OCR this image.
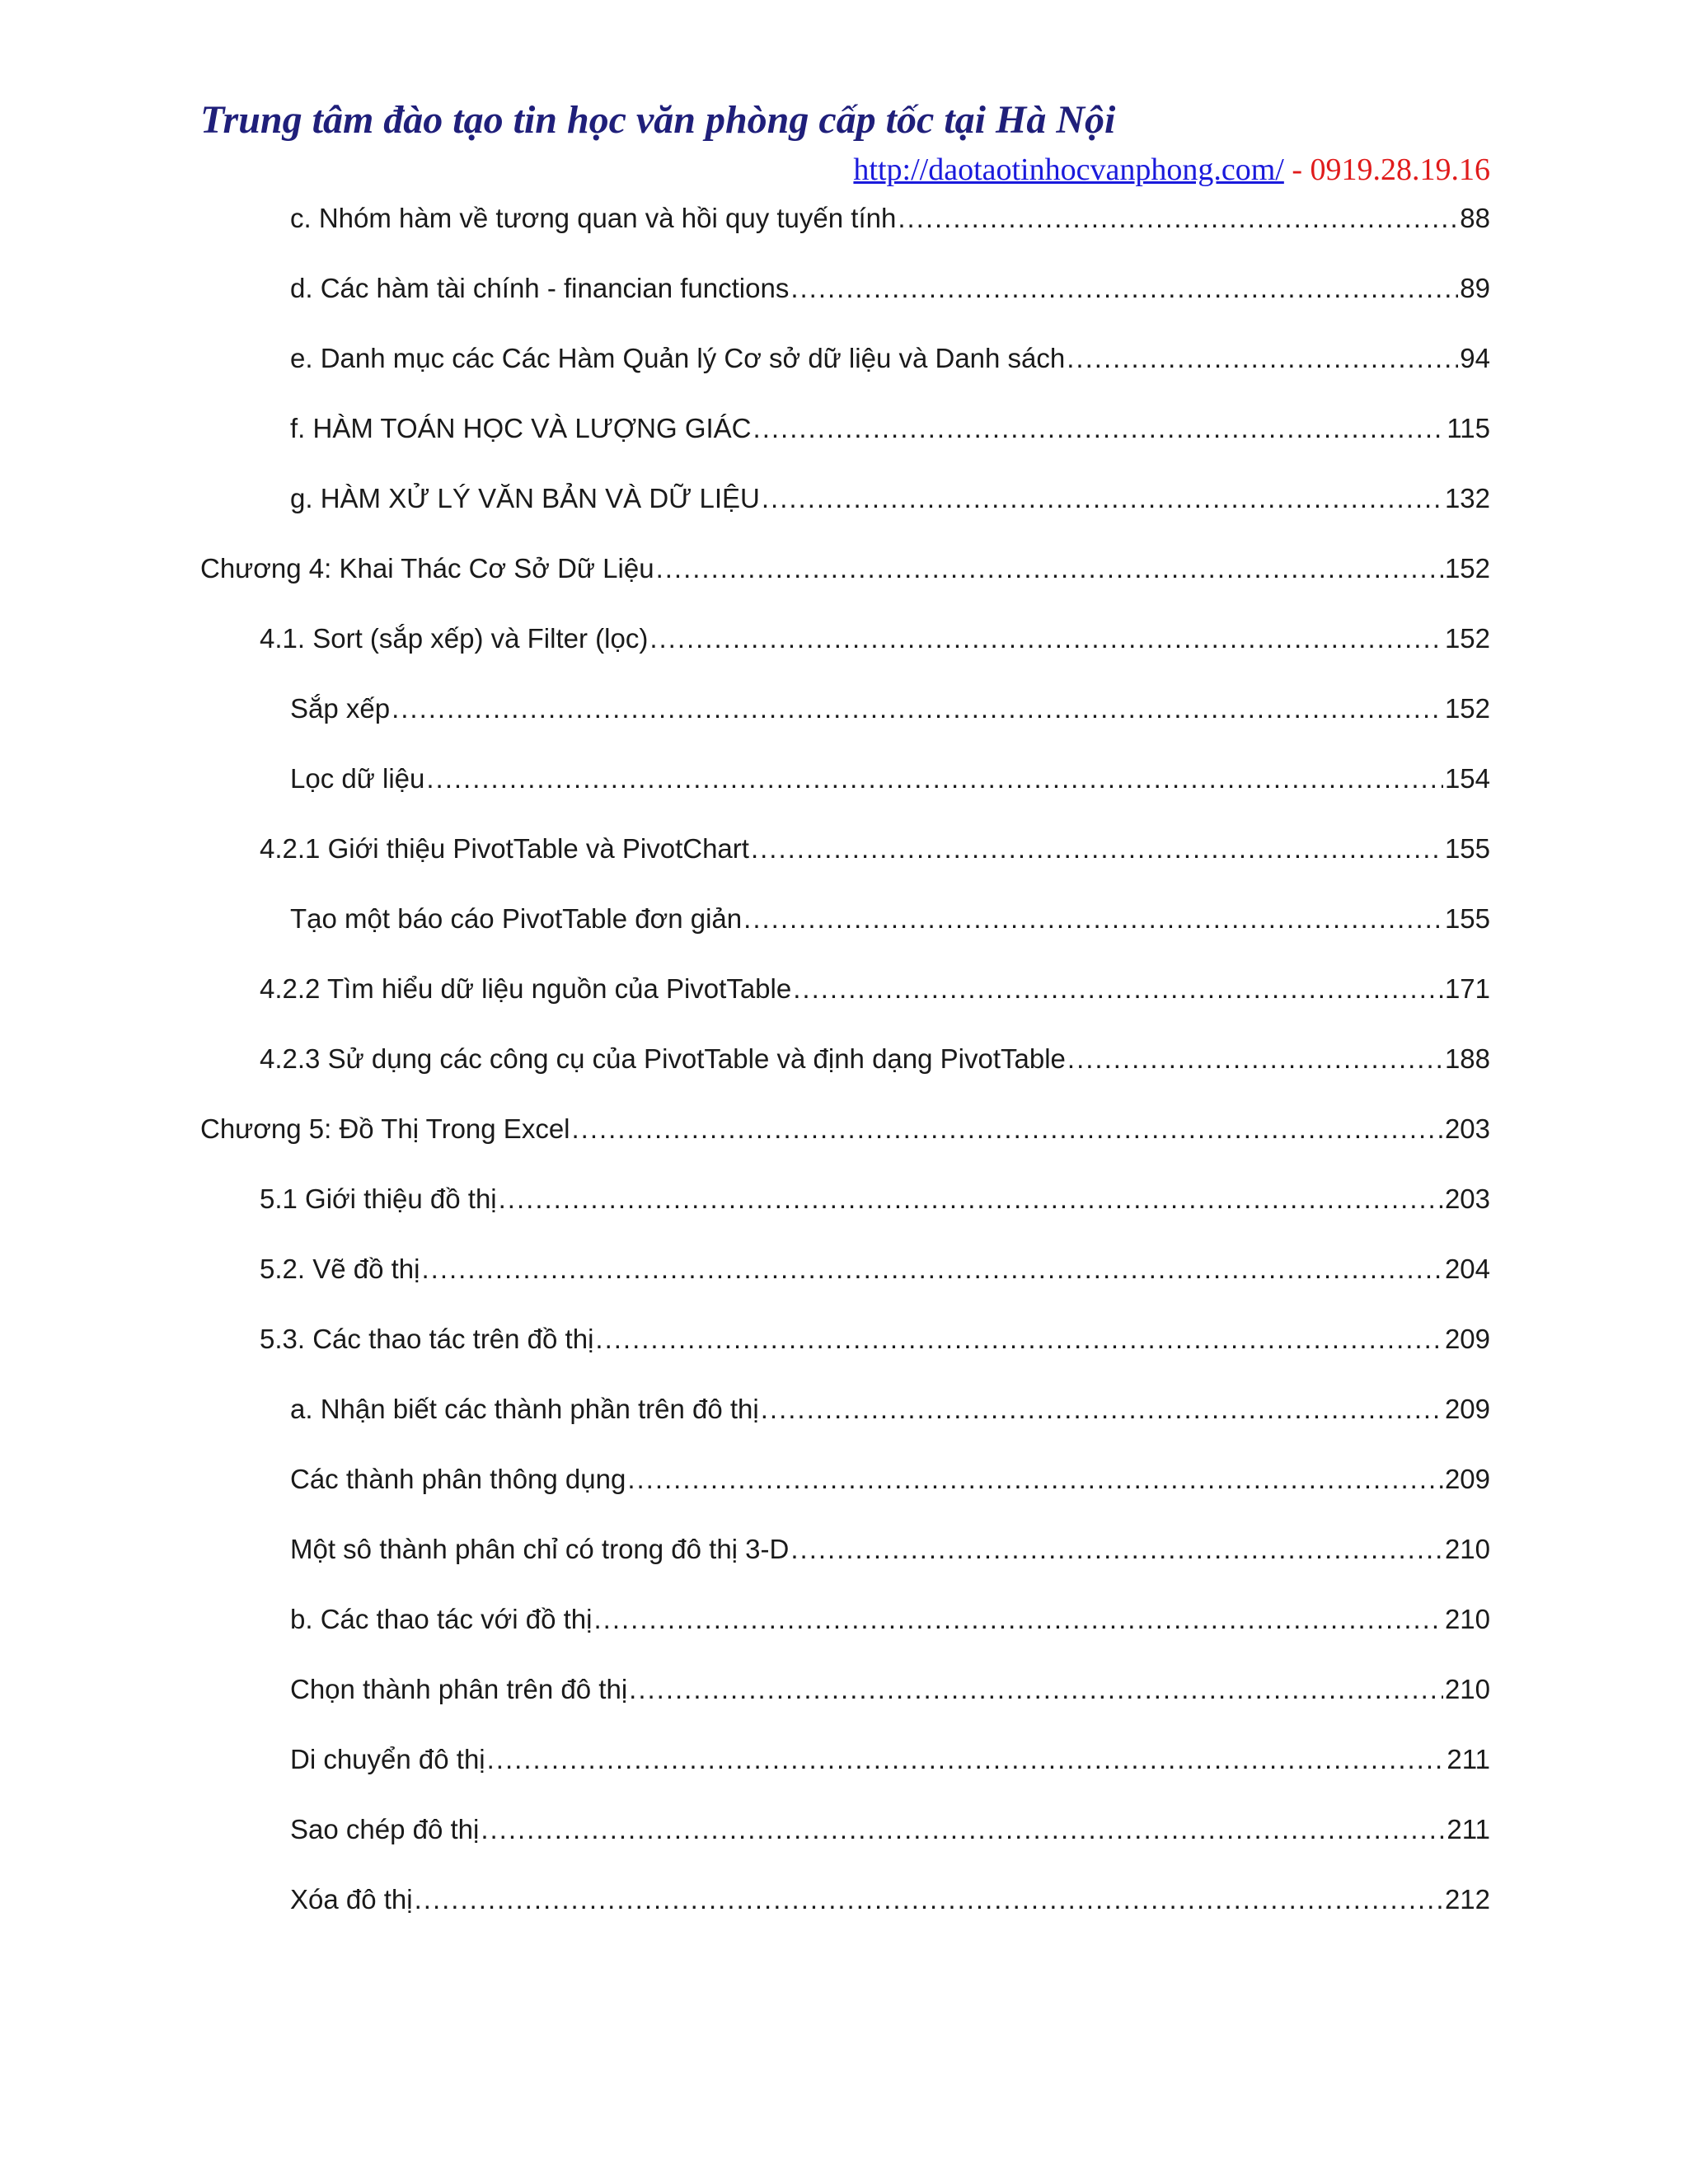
Trung tâm đào tạo tin học văn phòng cấp tốc tại Hà Nội
http://daotaotinhocvanphong.com/ - 0919.28.19.16
c. Nhóm hàm về tương quan và hồi quy tuyến tính .....	88
d. Các hàm tài chính - financian functions .....	89
e. Danh mục các Các Hàm Quản lý Cơ sở dữ liệu và Danh sách .....	94
f. HÀM TOÁN HỌC VÀ LƯỢNG GIÁC .....	115
g. HÀM XỬ LÝ VĂN BẢN VÀ DỮ LIỆU .....	132
Chương 4: Khai Thác Cơ Sở Dữ Liệu .....	152
4.1. Sort (sắp xếp) và Filter (lọc) .....	152
Sắp xếp .....	152
Lọc dữ liệu .....	154
4.2.1 Giới thiệu PivotTable và PivotChart .....	155
Tạo một báo cáo PivotTable đơn giản .....	155
4.2.2 Tìm hiểu dữ liệu nguồn của PivotTable .....	171
4.2.3 Sử dụng các công cụ của PivotTable và định dạng PivotTable .....	188
Chương 5: Đồ Thị Trong Excel .....	203
5.1 Giới thiệu đồ thị .....	203
5.2. Vẽ đồ thị .....	204
5.3. Các thao tác trên đồ thị .....	209
a. Nhận biết các thành phần trên đô thị .....	209
Các thành phân thông dụng .....	209
Một sô thành phân chỉ có trong đô thị 3-D .....	210
b. Các thao tác với đồ thị .....	210
Chọn thành phân trên đô thị .....	210
Di chuyển đô thị .....	211
Sao chép đô thị .....	211
Xóa đô thị .....	212
